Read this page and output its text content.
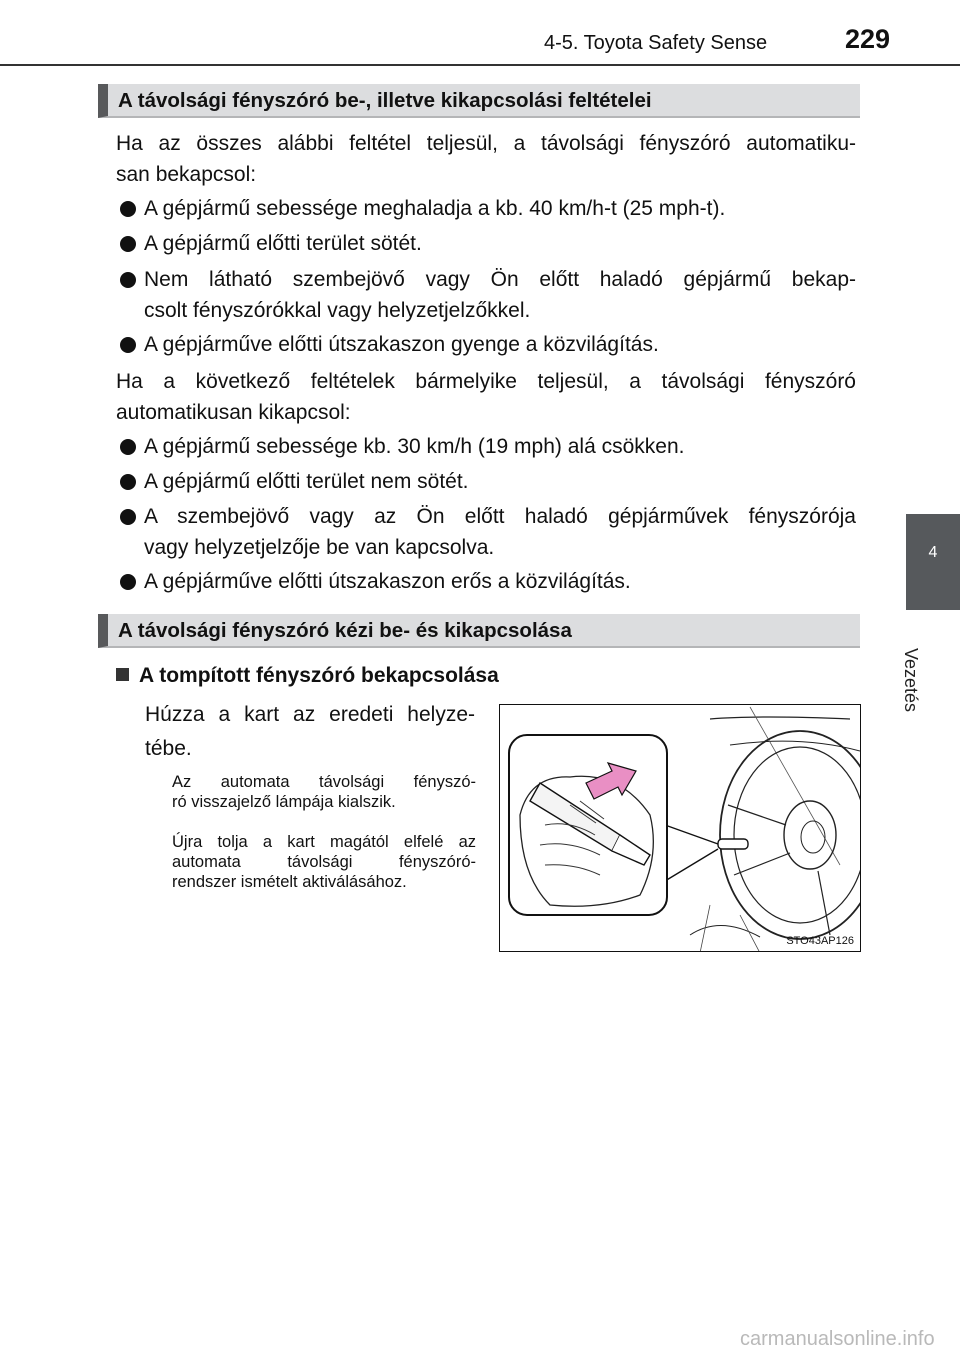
4-5. Toyota Safety Sense	229
4
Vezetés
A távolsági fényszóró be-, illetve kikapcsolási feltételei
Ha az összes alábbi feltétel teljesül, a távolsági fényszóró automatiku-
san bekapcsol:
A gépjármű sebessége meghaladja a kb. 40 km/h-t (25 mph-t).
A gépjármű előtti terület sötét.
Nem látható szembejövő vagy Ön előtt haladó gépjármű bekap-
csolt fényszórókkal vagy helyzetjelzőkkel.
A gépjárműve előtti útszakaszon gyenge a közvilágítás.
Ha a következő feltételek bármelyike teljesül, a távolsági fényszóró
automatikusan kikapcsol:
A gépjármű sebessége kb. 30 km/h (19 mph) alá csökken.
A gépjármű előtti terület nem sötét.
A szembejövő vagy az Ön előtt haladó gépjárművek fényszórója
vagy helyzetjelzője be van kapcsolva.
A gépjárműve előtti útszakaszon erős a közvilágítás.
A távolsági fényszóró kézi be- és kikapcsolása
A tompított fényszóró bekapcsolása
Húzza a kart az eredeti helyze-
tébe.
Az automata távolsági fényszó-
ró visszajelző lámpája kialszik.
Újra tolja a kart magától elfelé az
automata távolsági fényszóró-
rendszer ismételt aktiválásához.
STO43AP126
carmanualsonline.info
